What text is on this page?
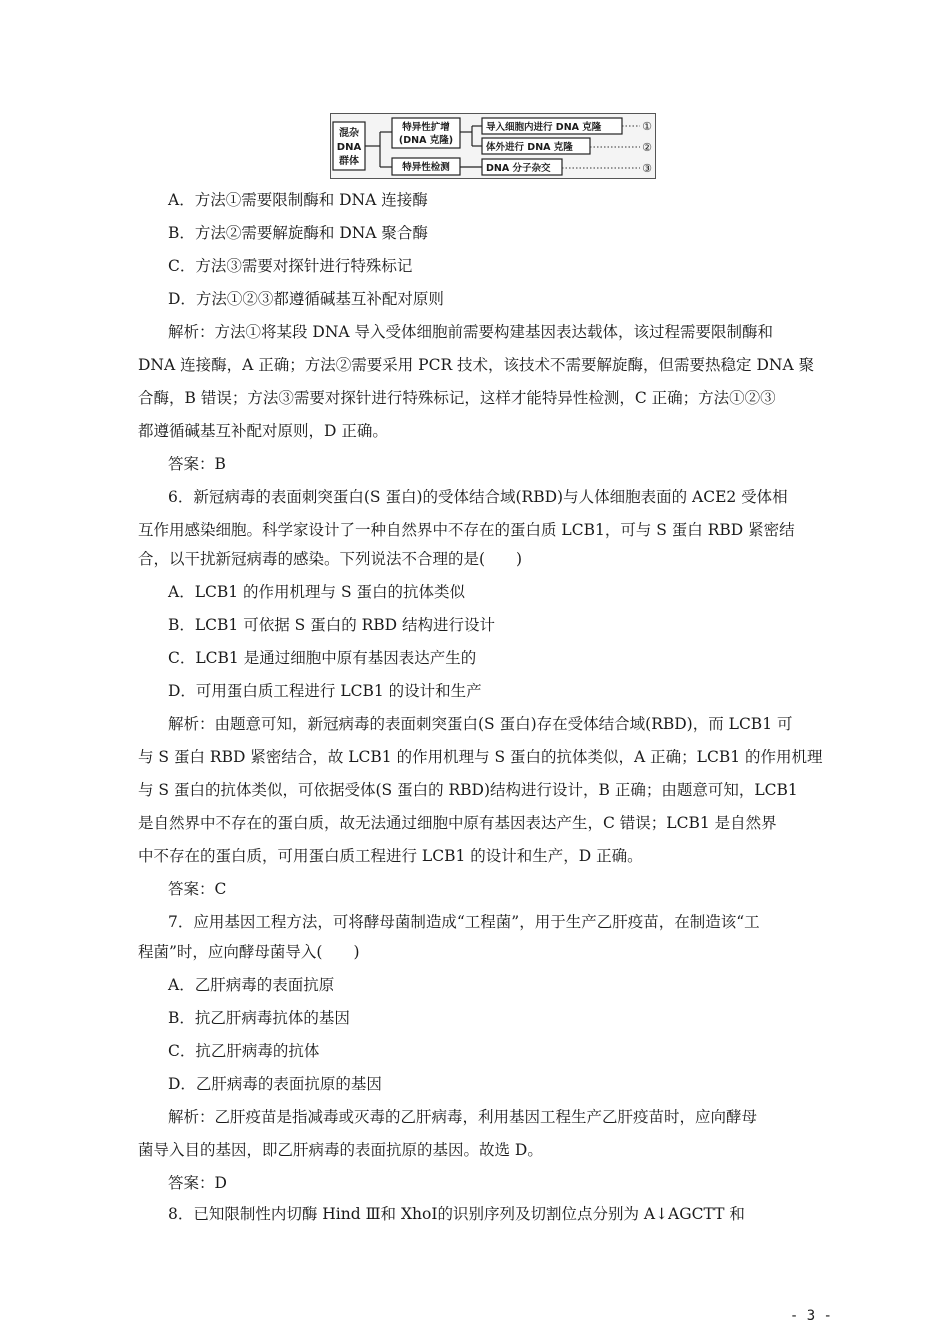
混杂
DNA
群体
特异性扩增
(DNA 克隆)
特异性检测
导入细胞内进行 DNA 克隆
体外进行 DNA 克隆
DNA 分子杂交
①
②
③
A．方法①需要限制酶和 DNA 连接酶
B．方法②需要解旋酶和 DNA 聚合酶
C．方法③需要对探针进行特殊标记
D．方法①②③都遵循碱基互补配对原则
解析：方法①将某段 DNA 导入受体细胞前需要构建基因表达载体，该过程需要限制酶和
DNA 连接酶，A 正确；方法②需要采用 PCR 技术，该技术不需要解旋酶，但需要热稳定 DNA 聚
合酶，B 错误；方法③需要对探针进行特殊标记，这样才能特异性检测，C 正确；方法①②③
都遵循碱基互补配对原则，D 正确。
答案：B
6．新冠病毒的表面刺突蛋白(S 蛋白)的受体结合域(RBD)与人体细胞表面的 ACE2 受体相
互作用感染细胞。科学家设计了一种自然界中不存在的蛋白质 LCB1，可与 S 蛋白 RBD 紧密结
合，以干扰新冠病毒的感染。下列说法不合理的是(　　)
A．LCB1 的作用机理与 S 蛋白的抗体类似
B．LCB1 可依据 S 蛋白的 RBD 结构进行设计
C．LCB1 是通过细胞中原有基因表达产生的
D．可用蛋白质工程进行 LCB1 的设计和生产
解析：由题意可知，新冠病毒的表面刺突蛋白(S 蛋白)存在受体结合域(RBD)，而 LCB1 可
与 S 蛋白 RBD 紧密结合，故 LCB1 的作用机理与 S 蛋白的抗体类似，A 正确；LCB1 的作用机理
与 S 蛋白的抗体类似，可依据受体(S 蛋白的 RBD)结构进行设计，B 正确；由题意可知，LCB1
是自然界中不存在的蛋白质，故无法通过细胞中原有基因表达产生，C 错误；LCB1 是自然界
中不存在的蛋白质，可用蛋白质工程进行 LCB1 的设计和生产，D 正确。
答案：C
7．应用基因工程方法，可将酵母菌制造成“工程菌”，用于生产乙肝疫苗，在制造该“工
程菌”时，应向酵母菌导入(　　)
A．乙肝病毒的表面抗原
B．抗乙肝病毒抗体的基因
C．抗乙肝病毒的抗体
D．乙肝病毒的表面抗原的基因
解析：乙肝疫苗是指减毒或灭毒的乙肝病毒，利用基因工程生产乙肝疫苗时，应向酵母
菌导入目的基因，即乙肝病毒的表面抗原的基因。故选 D。
答案：D
8．已知限制性内切酶 Hind Ⅲ和 XhoⅠ的识别序列及切割位点分别为 A↓AGCTT 和
- 3 -
